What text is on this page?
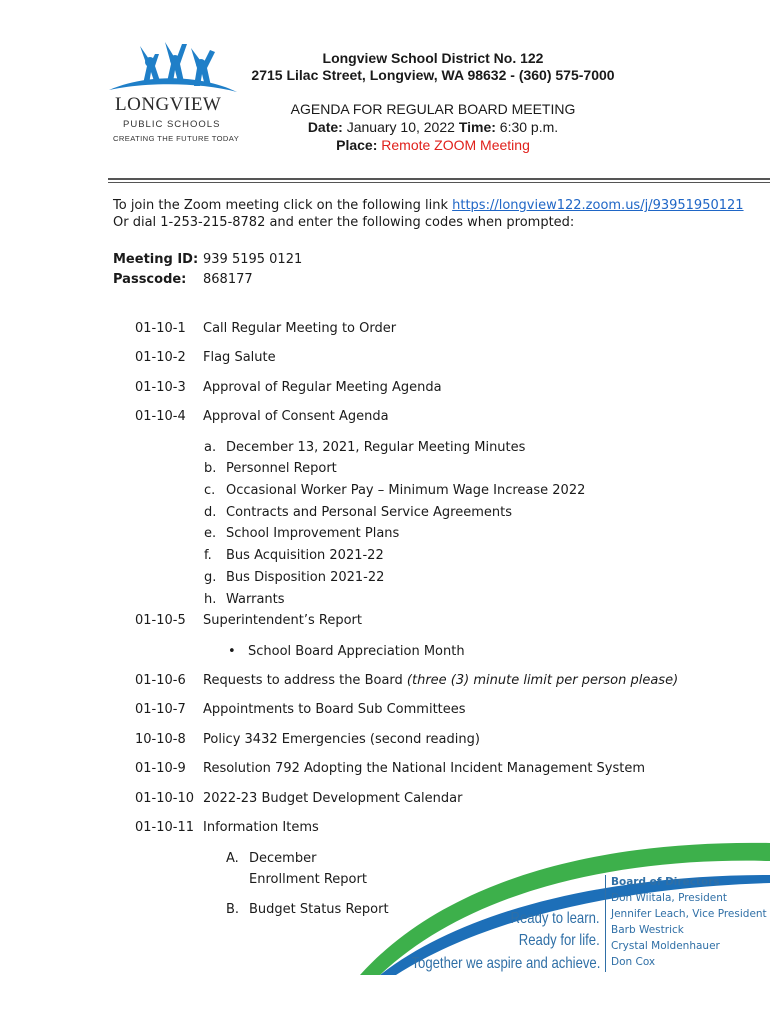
LONGVIEW
PUBLIC SCHOOLS
CREATING THE FUTURE TODAY
Longview School District No. 122
2715 Lilac Street, Longview, WA 98632 - (360) 575-7000
AGENDA FOR REGULAR BOARD MEETING
Date: January 10, 2022 Time: 6:30 p.m.
Place: Remote ZOOM Meeting
To join the Zoom meeting click on the following link https://longview122.zoom.us/j/93951950121
Or dial 1-253-215-8782 and enter the following codes when prompted:
Meeting ID: 939 5195 0121
Passcode: 868177
01-10-1 Call Regular Meeting to Order
01-10-2 Flag Salute
01-10-3 Approval of Regular Meeting Agenda
01-10-4 Approval of Consent Agenda
a. December 13, 2021, Regular Meeting Minutes
b. Personnel Report
c. Occasional Worker Pay – Minimum Wage Increase 2022
d. Contracts and Personal Service Agreements
e. School Improvement Plans
f. Bus Acquisition 2021-22
g. Bus Disposition 2021-22
h. Warrants
01-10-5 Superintendent’s Report
• School Board Appreciation Month
01-10-6 Requests to address the Board (three (3) minute limit per person please)
01-10-7 Appointments to Board Sub Committees
10-10-8 Policy 3432 Emergencies (second reading)
01-10-9 Resolution 792 Adopting the National Incident Management System
01-10-10 2022-23 Budget Development Calendar
01-10-11 Information Items
A. December
Enrollment Report
B. Budget Status Report
Ready to learn.
Ready for life.
Together we aspire and achieve.
Board of Directors
Don Wiitala, President
Jennifer Leach, Vice President
Barb Westrick
Crystal Moldenhauer
Don Cox
